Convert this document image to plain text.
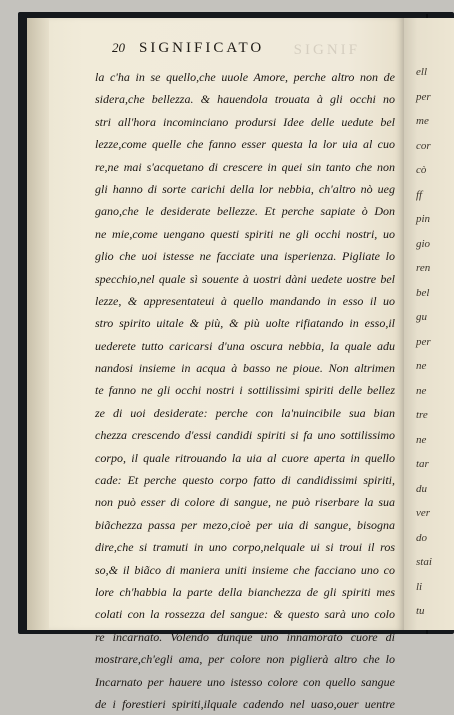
ell
per
me
cor
cò
ff
pin
gio
ren
bel
gu
per
ne
ne
tre
ne
tar
du
ver
do
stai
li
tu
SIGNIF
20 SIGNIFICATO
la c'ha in se quello,che uuole Amore, perche altro non de
sidera,che bellezza. & hauendola trouata à gli occhi no
stri all'hora incominciano prodursi Idee delle uedute bel
lezze,come quelle che fanno esser questa la lor uia al cuo
re,ne mai s'acquetano di crescere in quei sin tanto che non
gli hanno di sorte carichi della lor nebbia, ch'altro nò ueg
gano,che le desiderate bellezze. Et perche sapiate ò Don
ne mie,come uengano questi spiriti ne gli occhi nostri, uo
glio che uoi istesse ne facciate una isperienza. Pigliate lo
specchio,nel quale sì souente à uostri dàni uedete uostre bel
lezze, & appresentateui à quello mandando in esso il uo
stro spirito uitale & più, & più uolte rifiatando in esso,il
uederete tutto caricarsi d'una oscura nebbia, la quale adu
nandosi insieme in acqua à basso ne pioue. Non altrimen
te fanno ne gli occhi nostri i sottilissimi spiriti delle bellez
ze di uoi desiderate: perche con la'nuincibile sua bian
chezza crescendo d'essi candidi spiriti si fa uno sottilissimo
corpo, il quale ritrouando la uia al cuore aperta in quello
cade: Et perche questo corpo fatto di candidissimi spiriti,
non può esser di colore di sangue, ne può riserbare la sua
biãchezza passa per mezo,cioè per uia di sangue, bisogna
dire,che si tramuti in uno corpo,nelquale ui si troui il ros
so,& il biãco di maniera uniti insieme che facciano uno co
lore ch'habbia la parte della bianchezza de gli spiriti mes
colati con la rossezza del sangue: & questo sarà uno colo
re incarnato. Volendo dunque uno innamorato cuore di
mostrare,ch'egli ama, per colore non piglierà altro che lo
Incarnato per hauere uno istesso colore con quello sangue
de i forestieri spiriti,ilquale cadendo nel uaso,ouer uentre
